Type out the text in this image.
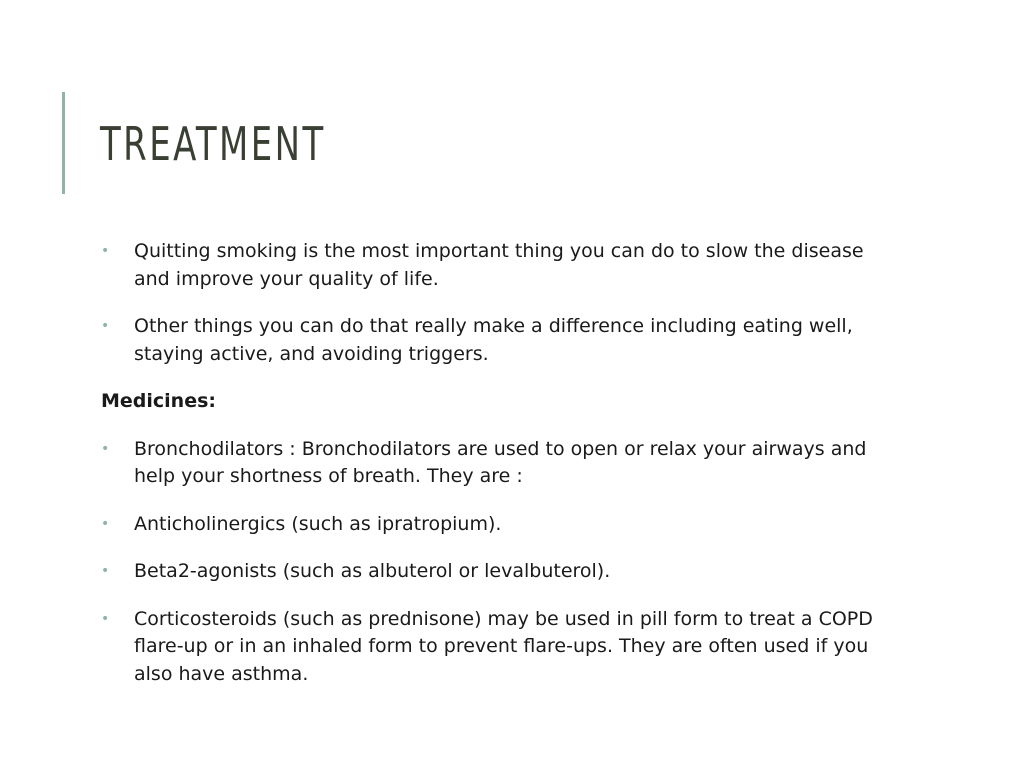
TREATMENT
• Quitting smoking is the most important thing you can do to slow the disease and improve your quality of life.
• Other things you can do that really make a difference including eating well, staying active, and avoiding triggers.
Medicines:
• Bronchodilators : Bronchodilators are used to open or relax your airways and help your shortness of breath. They are :
• Anticholinergics (such as ipratropium).
• Beta2-agonists (such as albuterol or levalbuterol).
• Corticosteroids (such as prednisone) may be used in pill form to treat a COPD flare-up or in an inhaled form to prevent flare-ups. They are often used if you also have asthma.
